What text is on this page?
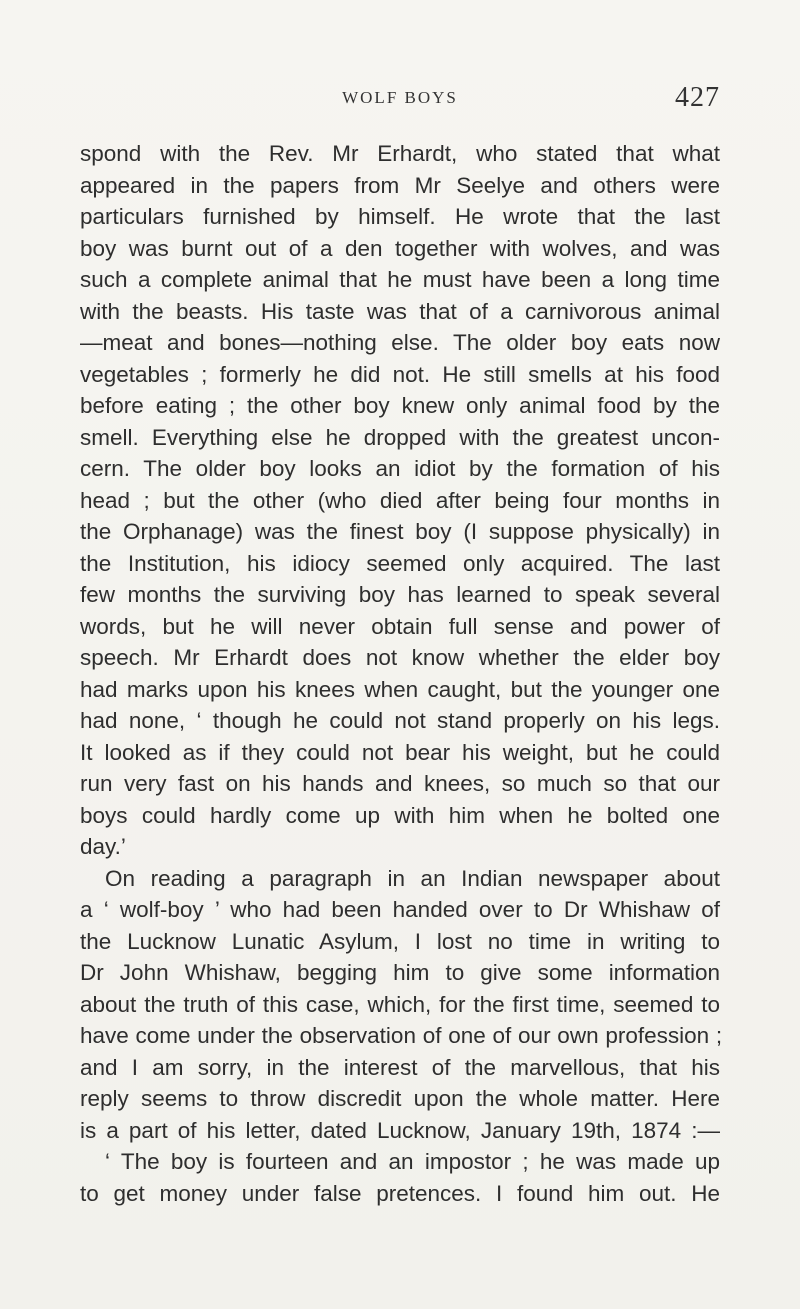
WOLF BOYS	427
spond with the Rev. Mr Erhardt, who stated that what
appeared in the papers from Mr Seelye and others were
particulars furnished by himself. He wrote that the last
boy was burnt out of a den together with wolves, and was
such a complete animal that he must have been a long time
with the beasts. His taste was that of a carnivorous animal
—meat and bones—nothing else. The older boy eats now
vegetables ; formerly he did not. He still smells at his food
before eating ; the other boy knew only animal food by the
smell. Everything else he dropped with the greatest uncon-
cern. The older boy looks an idiot by the formation of his
head ; but the other (who died after being four months in
the Orphanage) was the finest boy (I suppose physically) in
the Institution, his idiocy seemed only acquired. The last
few months the surviving boy has learned to speak several
words, but he will never obtain full sense and power of
speech. Mr Erhardt does not know whether the elder boy
had marks upon his knees when caught, but the younger one
had none, ‘ though he could not stand properly on his legs.
It looked as if they could not bear his weight, but he could
run very fast on his hands and knees, so much so that our
boys could hardly come up with him when he bolted one
day.’
On reading a paragraph in an Indian newspaper about
a ‘ wolf-boy ’ who had been handed over to Dr Whishaw of
the Lucknow Lunatic Asylum, I lost no time in writing to
Dr John Whishaw, begging him to give some information
about the truth of this case, which, for the first time, seemed to
have come under the observation of one of our own profession ;
and I am sorry, in the interest of the marvellous, that his
reply seems to throw discredit upon the whole matter. Here
is a part of his letter, dated Lucknow, January 19th, 1874 :—
‘ The boy is fourteen and an impostor ; he was made up
to get money under false pretences. I found him out. He
